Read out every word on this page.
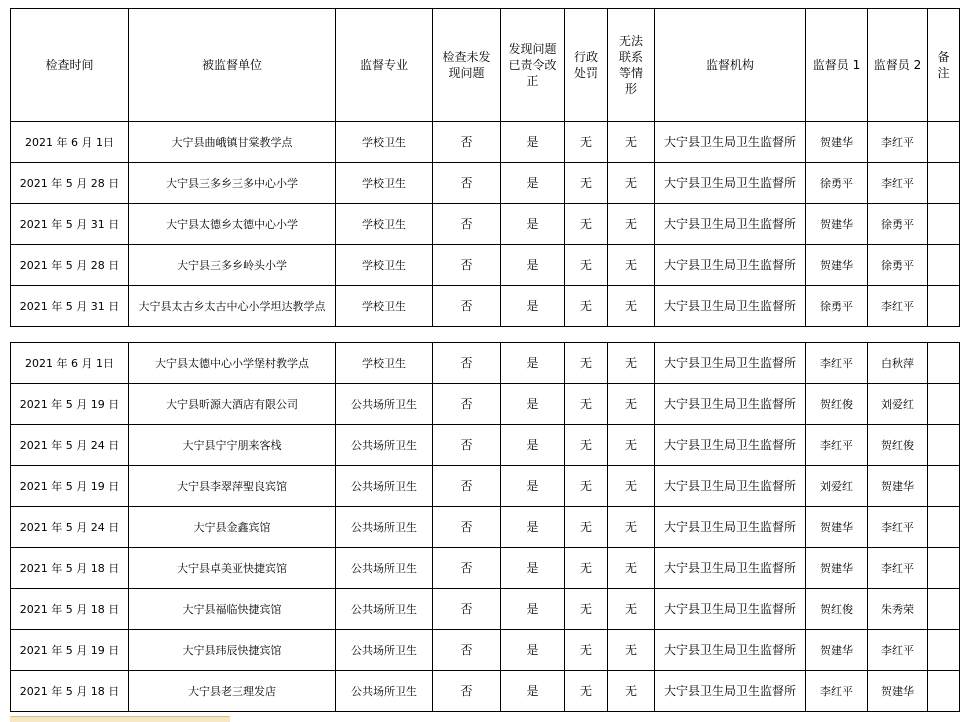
检查时间	被监督单位	监督专业	检查未发现问题	发现问题已责令改正	行政处罚	无法联系等情形	监督机构	监督员 1	监督员 2	备注
2021 年 6 月 1日	大宁县曲峨镇甘棠教学点	学校卫生	否	是	无	无	大宁县卫生局卫生监督所	贺建华	李红平	
2021 年 5 月 28 日	大宁县三多乡三多中心小学	学校卫生	否	是	无	无	大宁县卫生局卫生监督所	徐勇平	李红平	
2021 年 5 月 31 日	大宁县太德乡太德中心小学	学校卫生	否	是	无	无	大宁县卫生局卫生监督所	贺建华	徐勇平	
2021 年 5 月 28 日	大宁县三多乡岭头小学	学校卫生	否	是	无	无	大宁县卫生局卫生监督所	贺建华	徐勇平	
2021 年 5 月 31 日	大宁县太古乡太古中心小学坦达教学点	学校卫生	否	是	无	无	大宁县卫生局卫生监督所	徐勇平	李红平	
2021 年 6 月 1日	大宁县太德中心小学堡村教学点	学校卫生	否	是	无	无	大宁县卫生局卫生监督所	李红平	白秋萍	
2021 年 5 月 19 日	大宁县昕源大酒店有限公司	公共场所卫生	否	是	无	无	大宁县卫生局卫生监督所	贺红俊	刘爱红	
2021 年 5 月 24 日	大宁县宁宁朋来客栈	公共场所卫生	否	是	无	无	大宁县卫生局卫生监督所	李红平	贺红俊	
2021 年 5 月 19 日	大宁县李翠萍聖良宾馆	公共场所卫生	否	是	无	无	大宁县卫生局卫生监督所	刘爱红	贺建华	
2021 年 5 月 24 日	大宁县金鑫宾馆	公共场所卫生	否	是	无	无	大宁县卫生局卫生监督所	贺建华	李红平	
2021 年 5 月 18 日	大宁县卓美亚快捷宾馆	公共场所卫生	否	是	无	无	大宁县卫生局卫生监督所	贺建华	李红平	
2021 年 5 月 18 日	大宁县福临快捷宾馆	公共场所卫生	否	是	无	无	大宁县卫生局卫生监督所	贺红俊	朱秀荣	
2021 年 5 月 19 日	大宁县玮辰快捷宾馆	公共场所卫生	否	是	无	无	大宁县卫生局卫生监督所	贺建华	李红平	
2021 年 5 月 18 日	大宁县老三理发店	公共场所卫生	否	是	无	无	大宁县卫生局卫生监督所	李红平	贺建华	
